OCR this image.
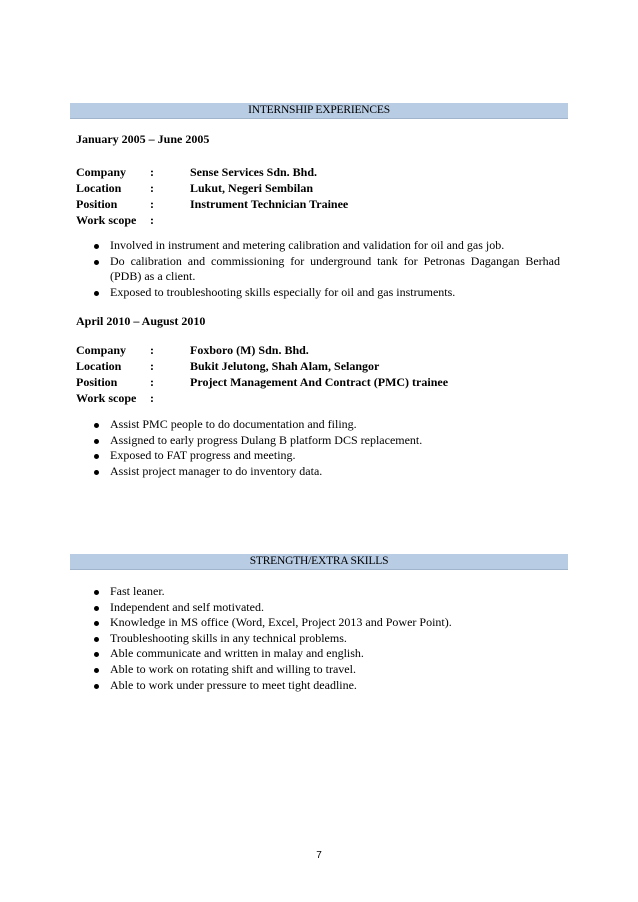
INTERNSHIP EXPERIENCES
January 2005 – June 2005
Company :	Sense Services Sdn. Bhd.
Location :	Lukut, Negeri Sembilan
Position	:	Instrument Technician Trainee
Work scope :
Involved in instrument and metering calibration and validation for oil and gas job.
Do calibration and commissioning for underground tank for Petronas Dagangan Berhad (PDB) as a client.
Exposed to troubleshooting skills especially for oil and gas instruments.
April 2010 – August 2010
Company :	Foxboro (M) Sdn. Bhd.
Location :	Bukit Jelutong, Shah Alam, Selangor
Position	:	Project Management And Contract (PMC) trainee
Work scope :
Assist PMC people to do documentation and filing.
Assigned to early progress Dulang B platform DCS replacement.
Exposed to FAT progress and meeting.
Assist project manager to do inventory data.
STRENGTH/EXTRA SKILLS
Fast leaner.
Independent and self motivated.
Knowledge in MS office (Word, Excel, Project 2013 and Power Point).
Troubleshooting skills in any technical problems.
Able communicate and written in malay and english.
Able to work on rotating shift and willing to travel.
Able to work under pressure to meet tight deadline.
7
